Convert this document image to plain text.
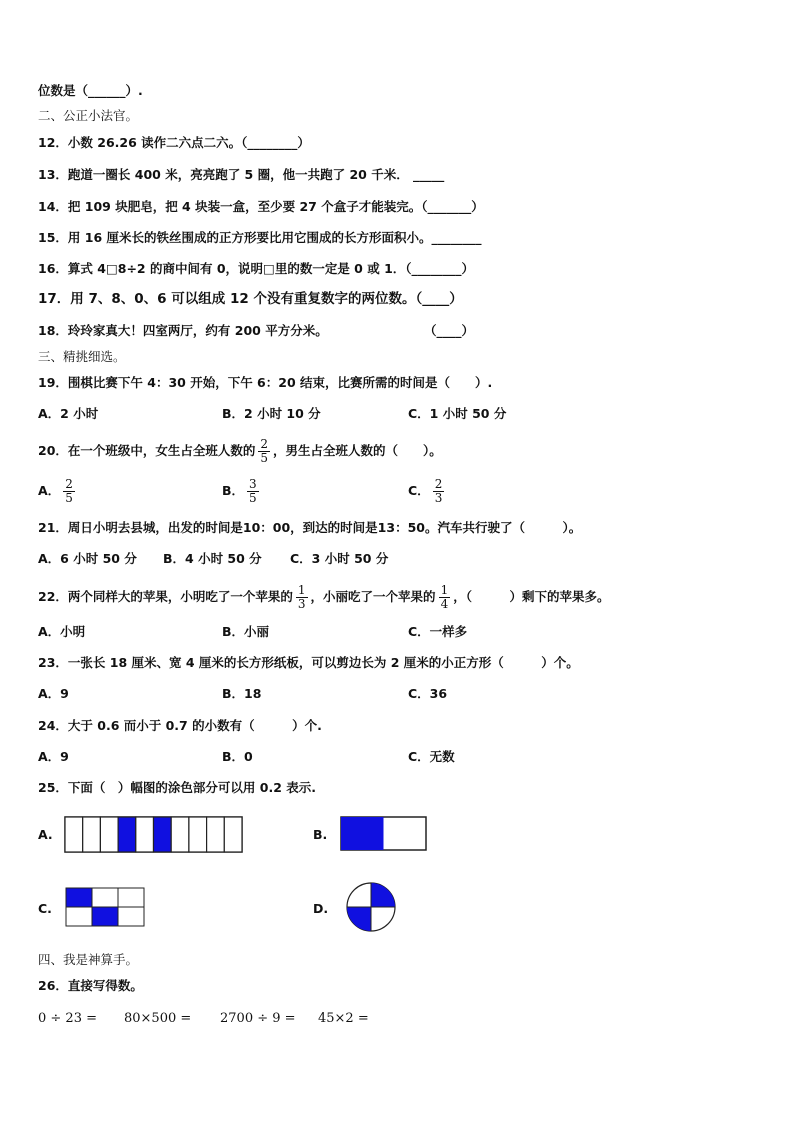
位数是（______）.
二、公正小法官。
12．小数 26.26 读作二六点二六。（________）
13．跑道一圈长 400 米，亮亮跑了 5 圈，他一共跑了 20 千米． _____
14．把 109 块肥皂，把 4 块装一盒，至少要 27 个盒子才能装完。（_______）
15．用 16 厘米长的铁丝围成的正方形要比用它围成的长方形面积小。________
16．算式 4□8÷2 的商中间有 0，说明□里的数一定是 0 或 1．（________）
17．用 7、8、0、6 可以组成 12 个没有重复数字的两位数。（____）
18．玲玲家真大！四室两厅，约有 200 平方分米。	（____）
三、精挑细选。
19．围棋比赛下午 4：30 开始，下午 6：20 结束，比赛所需的时间是（　　）.
A．2 小时	B．2 小时 10 分	C．1 小时 50 分
20．在一个班级中，女生占全班人数的 $\frac{2}{5}$ ，男生占全班人数的（　　）。
A． $\frac{2}{5}$	B． $\frac{3}{5}$	C． $\frac{2}{3}$
21．周日小明去县城，出发的时间是10：00，到达的时间是13：50。汽车共行驶了（　　　）。
A．6 小时 50 分 B．4 小时 50 分 C．3 小时 50 分
22．两个同样大的苹果，小明吃了一个苹果的 $\frac{1}{3}$ ，小丽吃了一个苹果的 $\frac{1}{4}$ ，（　　　）剩下的苹果多。
A．小明	B．小丽	C．一样多
23．一张长 18 厘米、宽 4 厘米的长方形纸板，可以剪边长为 2 厘米的小正方形（　　　）个。
A．9	B．18	C．36
24．大于 0.6 而小于 0.7 的小数有（　　　）个.
A．9	B．0	C．无数
25．下面（　）幅图的涂色部分可以用 0.2 表示.
A.	B.
C.	D.
四、我是神算手。
26．直接写得数。
0 ÷ 23 = 80×500 = 2700 ÷ 9 = 45×2 =
